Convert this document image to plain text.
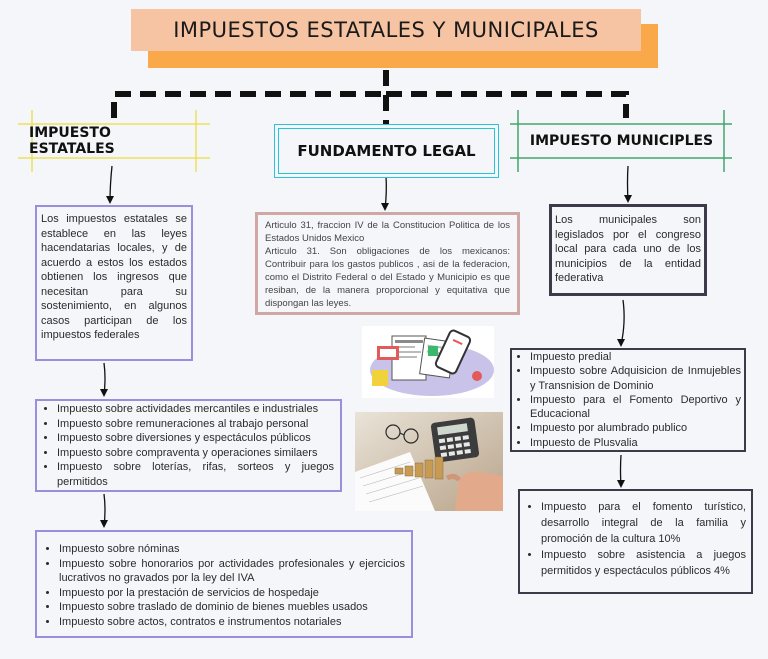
IMPUESTOS ESTATALES Y MUNICIPALES
IMPUESTO ESTATALES	FUNDAMENTO LEGAL
IMPUESTO MUNICIPLES

Los impuestos estatales se establece en las leyes hacendatarias locales, y de acuerdo a estos los estados obtienen los ingresos que necesitan para su sostenimiento, en algunos casos participan de los impuestos federales

• Impuesto sobre actividades mercantiles e industriales
• Impuesto sobre remuneraciones al trabajo personal
• Impuesto sobre diversiones y espectáculos públicos
• Impuesto sobre compraventa y operaciones similaers
• Impuesto sobre loterías, rifas, sorteos y juegos permitidos
• Impuesto sobre nóminas
• Impuesto sobre honorarios por actividades profesionales y ejercicios lucrativos no gravados por la ley del IVA
• Impuesto por la prestación de servicios de hospedaje
• Impuesto sobre traslado de dominio de bienes muebles usados
• Impuesto sobre actos, contratos e instrumentos notariales

Articulo 31, fraccion IV de la Constitucion Politica de los Estados Unidos Mexico

Articulo 31. Son obligaciones de los mexicanos: Contribuir para los gastos publicos , asi de la federacion, como el Distrito Federal o del Estado y Municipio es que resiban, de la manera proporcional y equitativa que dispongan las leyes.

Los municipales son legislados por el congreso local para cada uno de los municipios de la entidad federativa

• Impuesto predial
• Impuesto sobre Adquisicion de Inmujebles y Transnision de Dominio
• Impuesto para el Fomento Deportivo y Educacional
• Impuesto por alumbrado publico
• Impuesto de Plusvalia
• Impuesto para el fomento turístico, desarrollo integral de la familia y promoción de la cultura 10%
• Impuesto sobre asistencia a juegos permitidos y espectáculos públicos 4%
